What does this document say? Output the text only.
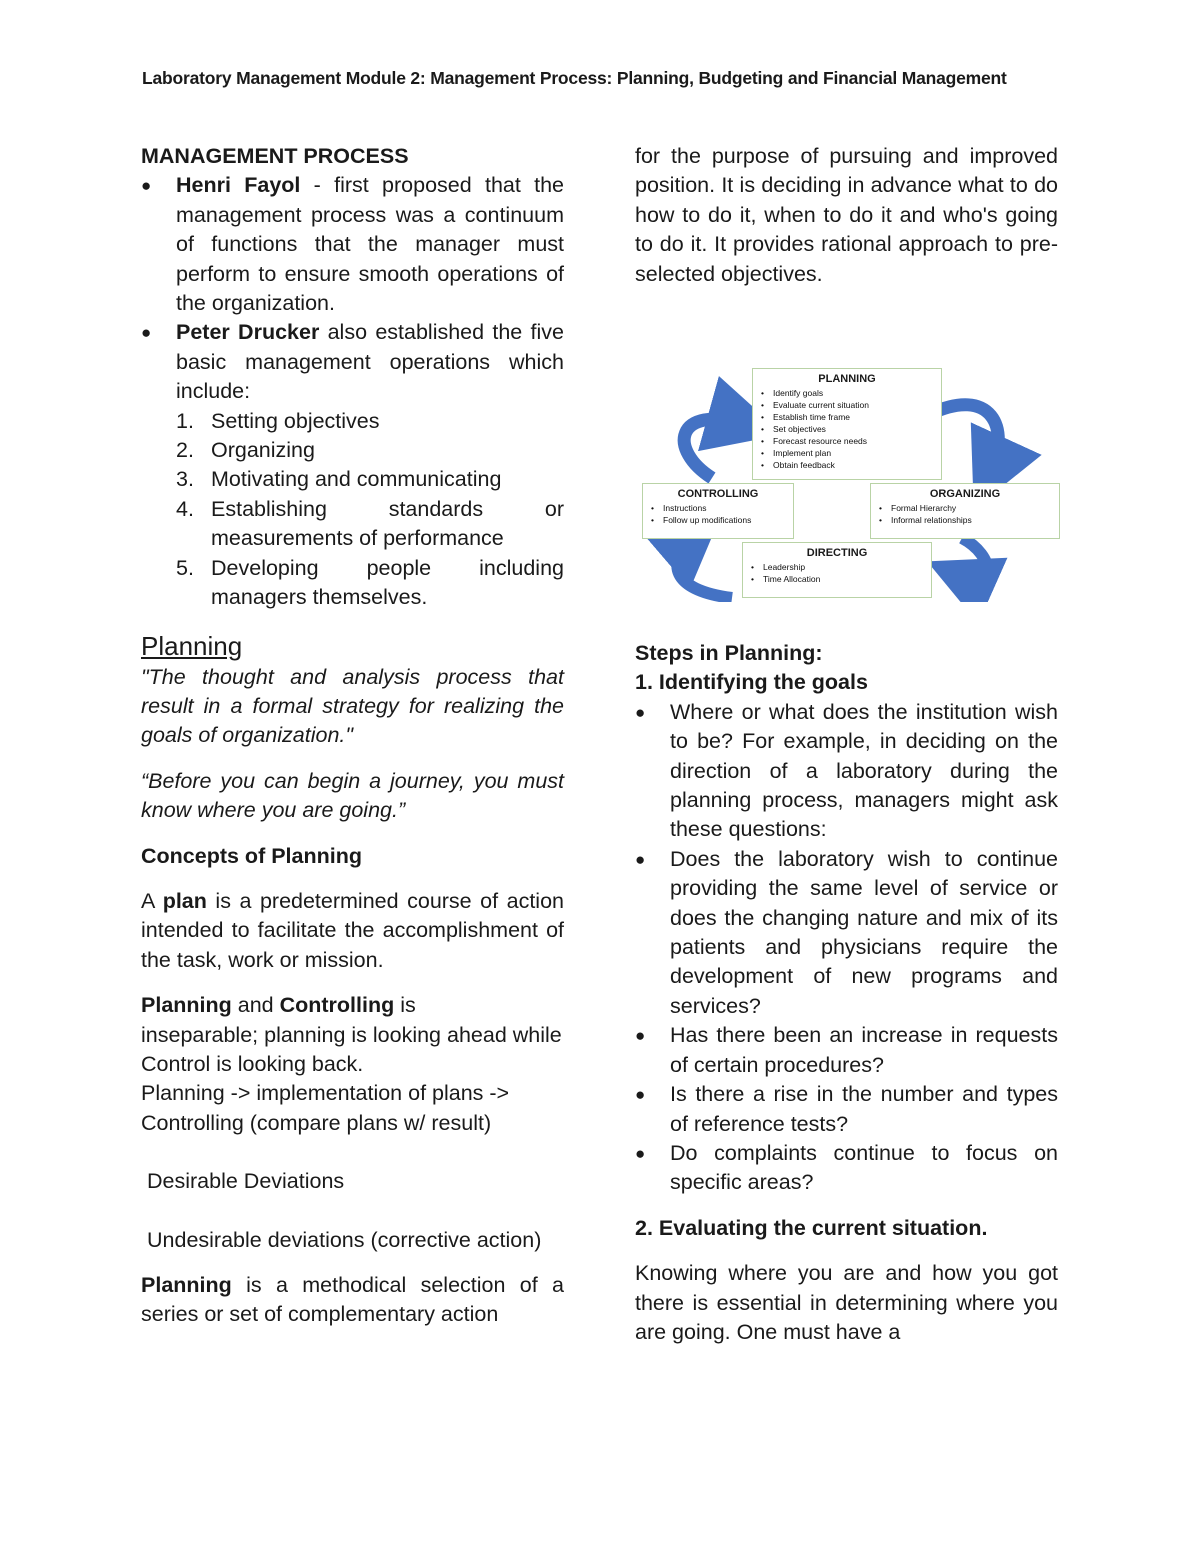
Laboratory Management Module 2: Management Process: Planning, Budgeting and Financial Management

MANAGEMENT PROCESS

● Henri Fayol - first proposed that the management process was a continuum of functions that the manager must perform to ensure smooth operations of the organization.
● Peter Drucker also established the five basic management operations which include:
1. Setting objectives
2. Organizing
3. Motivating and communicating
4. Establishing standards or measurements of performance
5. Developing people including managers themselves.

Planning

"The thought and analysis process that result in a formal strategy for realizing the goals of organization."

“Before you can begin a journey, you must know where you are going.”

Concepts of Planning

A plan is a predetermined course of action intended to facilitate the accomplishment of the task, work or mission.

Planning and Controlling is
inseparable; planning is looking ahead while Control is looking back.
Planning -> implementation of plans -> Controlling (compare plans w/ result)

Desirable Deviations

Undesirable deviations (corrective action)

Planning is a methodical selection of a series or set of complementary action

for the purpose of pursuing and improved position. It is deciding in advance what to do how to do it, when to do it and who's going to do it. It provides rational approach to pre-selected objectives.

PLANNING
• Identify goals
• Evaluate current situation
• Establish time frame
• Set objectives
• Forecast resource needs
• Implement plan
• Obtain feedback
CONTROLLING
• Instructions
• Follow up modifications
ORGANIZING
• Formal Hierarchy
• Informal relationships
DIRECTING
• Leadership
• Time Allocation

Steps in Planning:

1. Identifying the goals

● Where or what does the institution wish to be? For example, in deciding on the direction of a laboratory during the planning process, managers might ask these questions:
● Does the laboratory wish to continue providing the same level of service or does the changing nature and mix of its patients and physicians require the development of new programs and services?
● Has there been an increase in requests of certain procedures?
● Is there a rise in the number and types of reference tests?
● Do complaints continue to focus on specific areas?

2. Evaluating the current situation.

Knowing where you are and how you got there is essential in determining where you are going. One must have a
